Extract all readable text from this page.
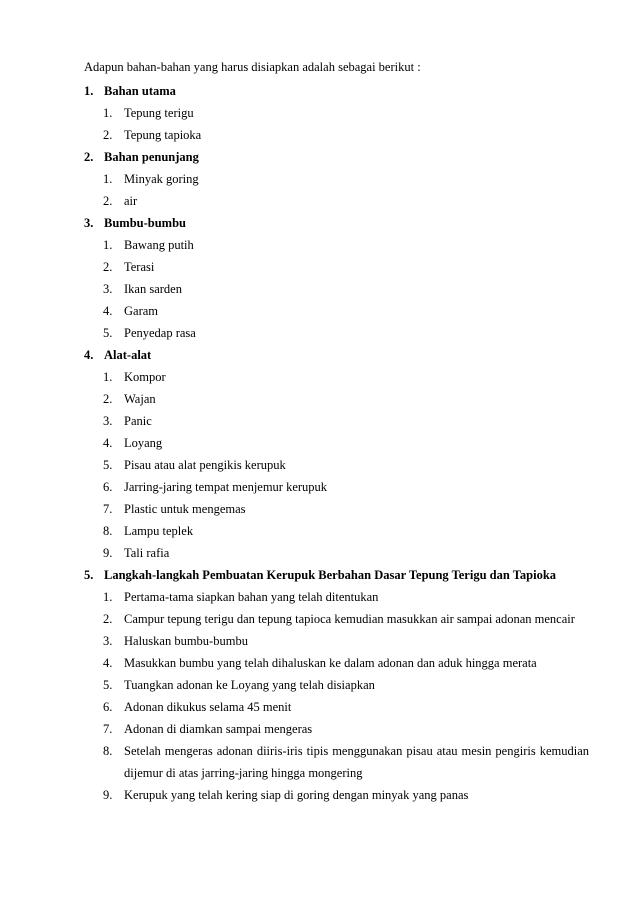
Adapun bahan-bahan yang harus disiapkan adalah sebagai berikut :
1. Bahan utama
1. Tepung terigu
2. Tepung tapioka
2. Bahan penunjang
1. Minyak goring
2. air
3. Bumbu-bumbu
1. Bawang putih
2. Terasi
3. Ikan sarden
4. Garam
5. Penyedap rasa
4. Alat-alat
1. Kompor
2. Wajan
3. Panic
4. Loyang
5. Pisau atau alat pengikis kerupuk
6. Jarring-jaring tempat menjemur kerupuk
7. Plastic untuk mengemas
8. Lampu teplek
9. Tali rafia
5. Langkah-langkah Pembuatan Kerupuk Berbahan Dasar Tepung Terigu dan Tapioka
1. Pertama-tama siapkan bahan yang telah ditentukan
2. Campur tepung terigu dan tepung tapioca kemudian masukkan air sampai adonan mencair
3. Haluskan bumbu-bumbu
4. Masukkan bumbu yang telah dihaluskan ke dalam adonan dan aduk hingga merata
5. Tuangkan adonan ke Loyang yang telah disiapkan
6. Adonan dikukus selama 45 menit
7. Adonan di diamkan sampai mengeras
8. Setelah mengeras adonan diiris-iris tipis menggunakan pisau atau mesin pengiris kemudian dijemur di atas jarring-jaring hingga mongering
9. Kerupuk yang telah kering siap di goring dengan minyak yang panas
